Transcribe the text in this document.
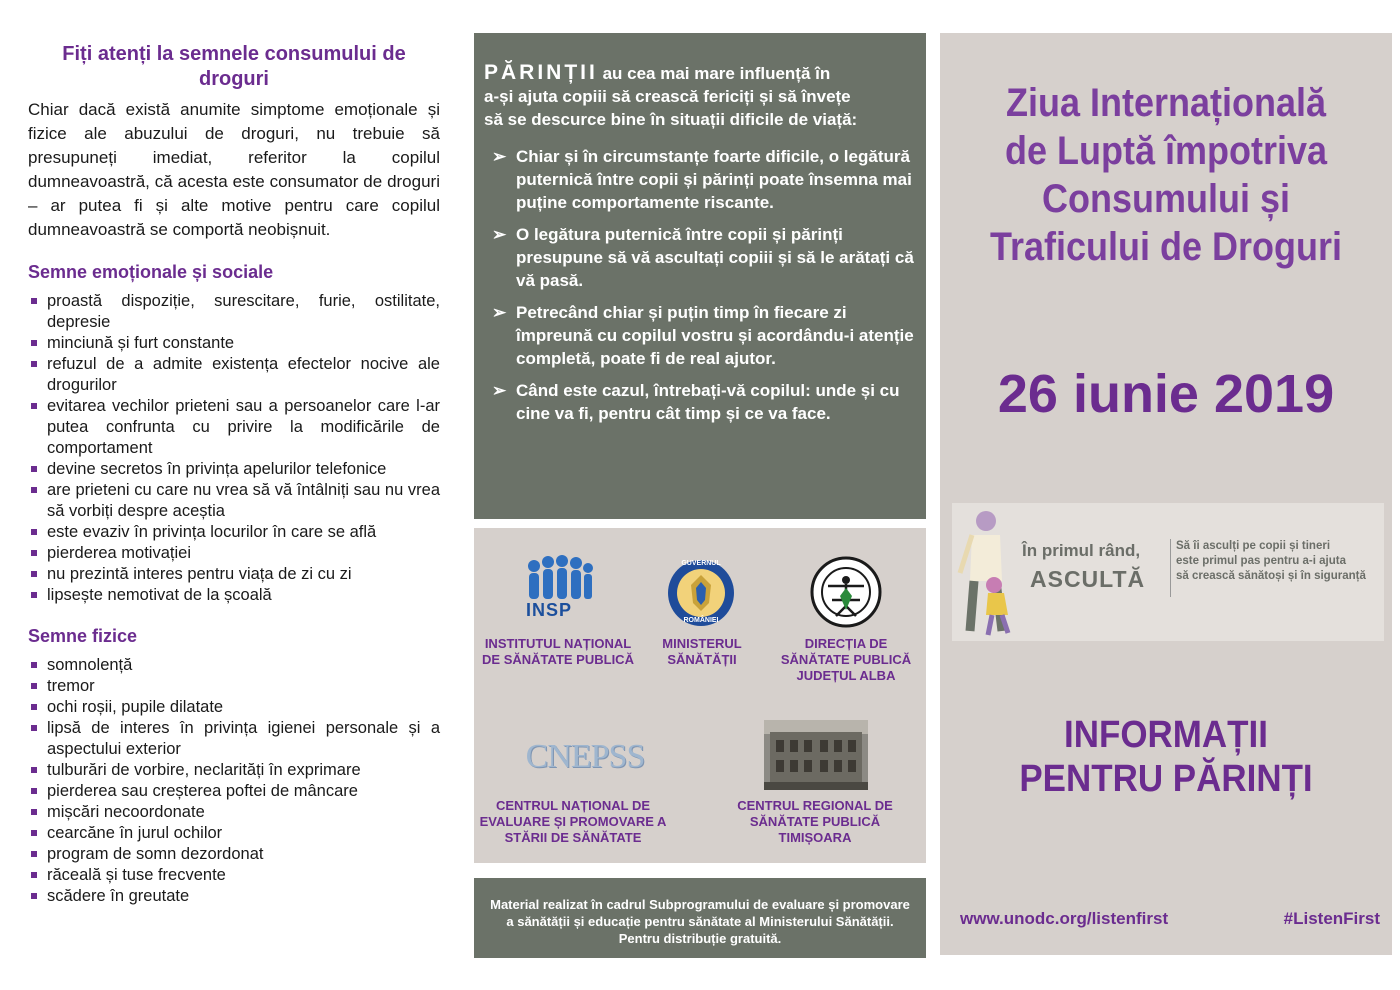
Fiți atenți la semnele consumului de droguri

Chiar dacă există anumite simptome emoționale și fizice ale abuzului de droguri, nu trebuie să presupuneți imediat, referitor la copilul dumneavoastră, că acesta este consumator de droguri – ar putea fi și alte motive pentru care copilul dumneavoastră se comportă neobișnuit.

Semne emoționale și sociale
proastă dispoziție, surescitare, furie, ostilitate, depresie
minciună și furt constante
refuzul de a admite existența efectelor nocive ale drogurilor
evitarea vechilor prieteni sau a persoanelor care l-ar putea confrunta cu privire la modificările de comportament
devine secretos în privința apelurilor telefonice
are prieteni cu care nu vrea să vă întâlniți sau nu vrea să vorbiți despre aceștia
este evaziv în privința locurilor în care se află
pierderea motivației
nu prezintă interes pentru viața de zi cu zi
lipsește nemotivat de la școală
Semne fizice
somnolență
tremor
ochi roșii, pupile dilatate
lipsă de interes în privința igienei personale și a aspectului exterior
tulburări de vorbire, neclarități în exprimare
pierderea sau creșterea poftei de mâncare
mișcări necoordonate
cearcăne în jurul ochilor
program de somn dezordonat
răceală și tuse frecvente
scădere în greutate

PĂRINȚII au cea mai mare influență în
a-și ajuta copiii să crească fericiți și să învețe
să se descurce bine în situații dificile de viață:

➢ Chiar și în circumstanțe foarte dificile, o legătură puternică între copii și părinți poate însemna mai puține comportamente riscante.
➢ O legătura puternică între copii și părinți presupune să vă ascultați copiii și să le arătați că vă pasă.
➢ Petrecând chiar și puțin timp în fiecare zi împreună cu copilul vostru și acordându-i atenție completă, poate fi de real ajutor.
➢ Când este cazul, întrebați-vă copilul: unde și cu cine va fi, pentru cât timp și ce va face.
INSP
INSTITUTUL NAȚIONAL
DE SĂNĂTATE PUBLICĂ
GUVERNUL
ROMÂNIEI
MINISTERUL
SĂNĂTĂȚII
DIRECȚIA DE
SĂNĂTATE PUBLICĂ
JUDEȚUL ALBA
CNEPSS
CENTRUL NAȚIONAL DE
EVALUARE ȘI PROMOVARE A
STĂRII DE SĂNĂTATE
CENTRUL REGIONAL DE
SĂNĂTATE PUBLICĂ
TIMIȘOARA
Material realizat în cadrul Subprogramului de evaluare și promovare
a sănătății și educație pentru sănătate al Ministerului Sănătății.
Pentru distribuție gratuită.
Ziua Internațională
de Luptă împotriva
Consumului și
Traficului de Droguri
26 iunie 2019
În primul rând,
ASCULTĂ
Să îi asculți pe copii și tineri
este primul pas pentru a-i ajuta
să crească sănătoși și în siguranță
INFORMAȚII
PENTRU PĂRINȚI
www.unodc.org/listenfirst	#ListenFirst
